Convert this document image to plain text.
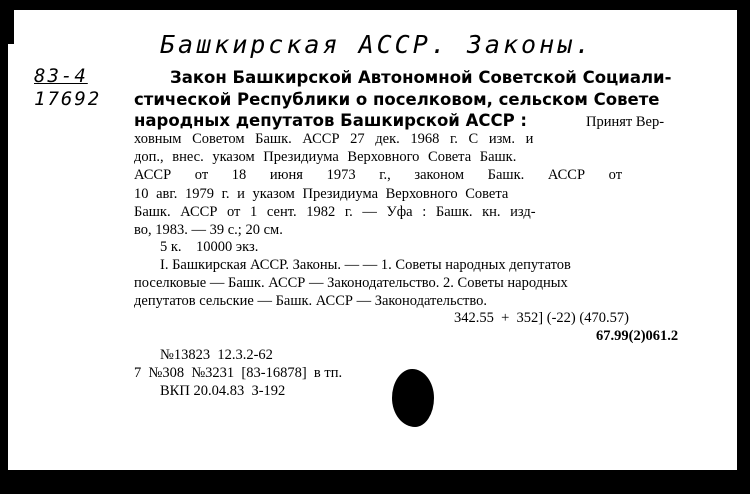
Башкирская АССР. Законы.
83-4
17692
Закон Башкирской Автономной Советской Социали-
стической Республики о поселковом, сельском Совете
народных депутатов Башкирской АССР :	Принят Вер-
ховным Советом Башк. АССР 27 дек. 1968 г. С изм. и
доп., внес. указом Президиума Верховного Совета Башк.
АССР от 18 июня 1973 г., законом Башк. АССР от
10 авг. 1979 г. и указом Президиума Верховного Совета
Башк. АССР от 1 сент. 1982 г. — Уфа : Башк. кн. изд-
во, 1983. — 39 с.; 20 см.
5 к.    10000 экз.
I. Башкирская АССР. Законы. — — 1. Советы народных депутатов
поселковые — Башк. АССР — Законодательство. 2. Советы народных
депутатов сельские — Башк. АССР — Законодательство.
342.55  +  352] (-22) (470.57)
67.99(2)061.2
№13823  12.3.2-62
7  №308  №3231  [83-16878]  в тп.
ВКП 20.04.83  З-192
